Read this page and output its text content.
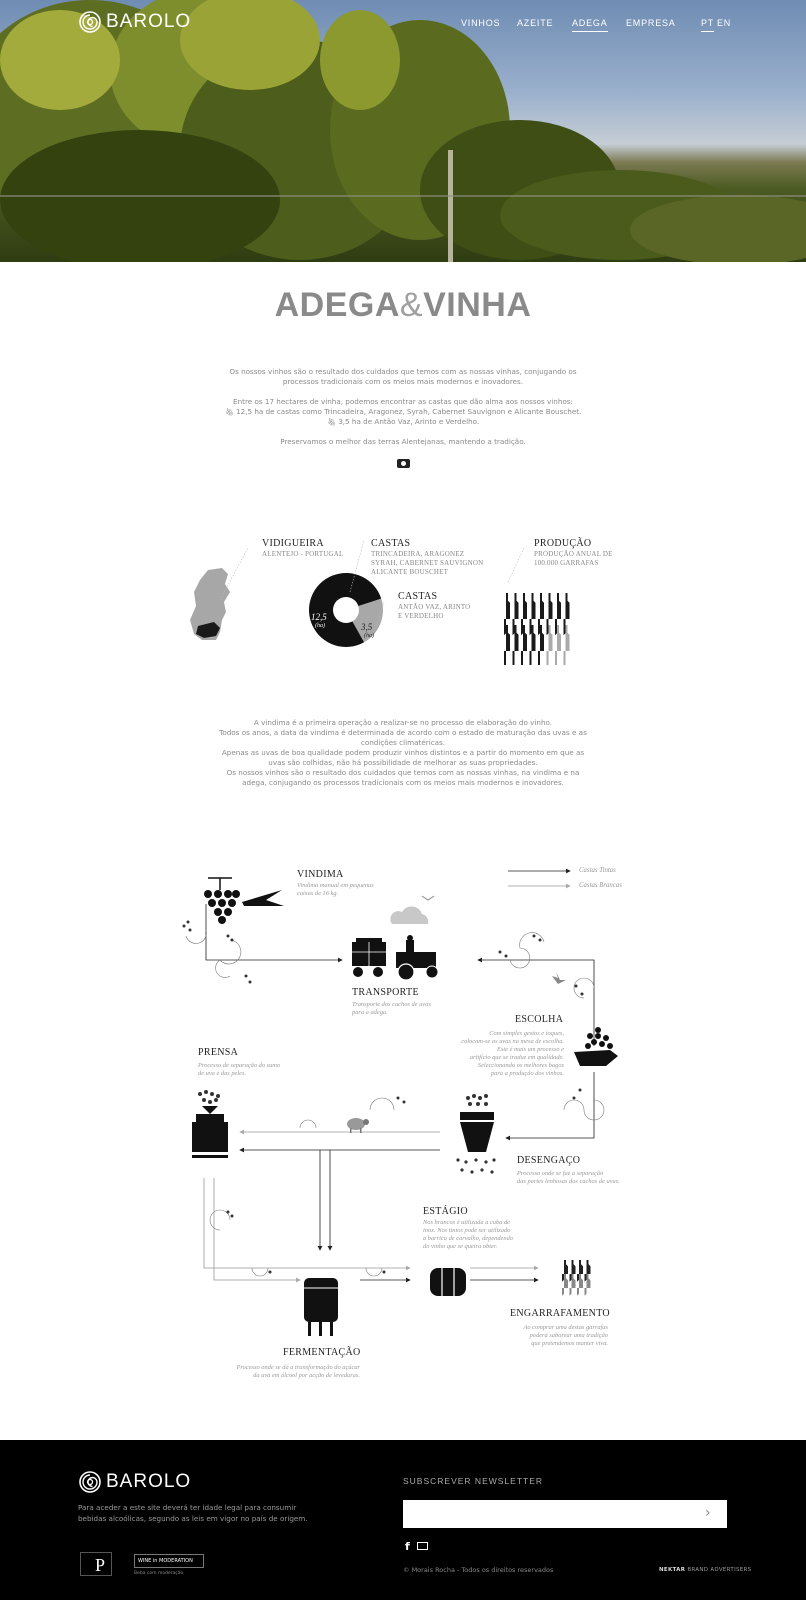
BAROLO	VINHOS AZEITE ADEGA EMPRESA	PT EN
ADEGA&VINHA

Os nossos vinhos são o resultado dos cuidados que temos com as nossas vinhas, conjugando os

processos tradicionais com os meios mais modernos e inovadores.

Entre os 17 hectares de vinha, podemos encontrar as castas que dão alma aos nossos vinhos:

🍇︎ 12,5 ha de castas como Trincadeira, Aragonez, Syrah, Cabernet Sauvignon e Alicante Bouschet.

🍇︎ 3,5 ha de Antão Vaz, Arinto e Verdelho.

Preservamos o melhor das terras Alentejanas, mantendo a tradição.

12,5
(ha)	3,5
(ha)
VIDIGUEIRA
ALENTEJO - PORTUGAL
CASTAS
TRINCADEIRA, ARAGONEZ
SYRAH, CABERNET SAUVIGNON
ALICANTE BOUSCHET
CASTAS
ANTÃO VAZ, ARINTO
E VERDELHO
PRODUÇÃO
PRODUÇÃO ANUAL DE
100.000 GARRAFAS

A vindima é a primeira operação a realizar-se no processo de elaboração do vinho.

Todos os anos, a data da vindima é determinada de acordo com o estado de maturação das uvas e as

condições climatéricas.

Apenas as uvas de boa qualidade podem produzir vinhos distintos e a partir do momento em que as

uvas são colhidas, não há possibilidade de melhorar as suas propriedades.

Os nossos vinhos são o resultado dos cuidados que temos com as nossas vinhas, na vindima e na

adega, conjugando os processos tradicionais com os meios mais modernos e inovadores.

Castas Tintas
Castas Brancas
VINDIMA
Vindima manual em pequenas
caixas de 16 kg.
TRANSPORTE
Transporte dos cachos de uvas
para a adega.
ESCOLHA
Com simples gestos e toques,
colocam-se as uvas na mesa de escolha.
Este é mais um processo e
artifício que se traduz em qualidade.
Seleccionando os melhores bagos
para a produção dos vinhos.
PRENSA
Processo de separação do sumo
de uva e das peles.
DESENGAÇO
Processo onde se faz a separação
das partes lenhosas dos cachos de uvas.
ESTÁGIO
Nos brancos é utilizada a cuba de
inox. Nos tintos pode ser utilizado
a barrica de carvalho, dependendo
do vinho que se queira obter.
ENGARRAFAMENTO
Ao comprar uma destas garrafas
poderá saborear uma tradição
que pretendemos manter viva.
FERMENTAÇÃO
Processo onde se dá a transformação do açúcar
da uva em álcool por acção de leveduras.
BAROLO
Para aceder a este site deverá ter idade legal para consumir
bebidas alcoólicas, segundo as leis em vigor no país de origem.
P	WINE in MODERATION
Beba com moderação
SUBSCREVER NEWSLETTER
›
f
© Morais Rocha - Todos os direitos reservados	NEKTAR BRAND ADVERTISERS
